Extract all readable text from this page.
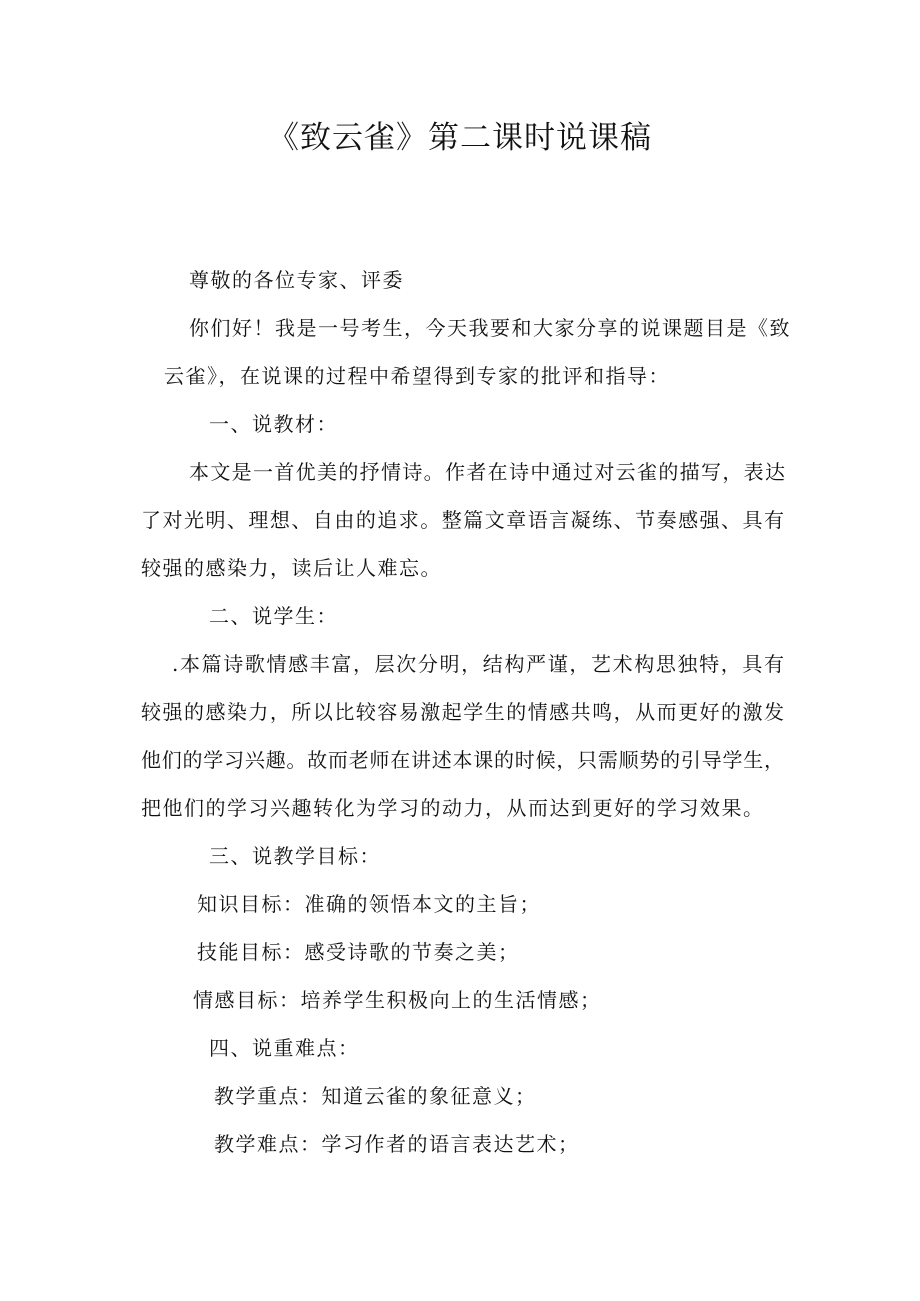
《致云雀》第二课时说课稿
尊敬的各位专家、评委
你们好！我是一号考生，今天我要和大家分享的说课题目是《致
云雀》，在说课的过程中希望得到专家的批评和指导：
一、说教材：
本文是一首优美的抒情诗。作者在诗中通过对云雀的描写，表达
了对光明、理想、自由的追求。整篇文章语言凝练、节奏感强、具有
较强的感染力，读后让人难忘。
二、说学生：
.本篇诗歌情感丰富，层次分明，结构严谨，艺术构思独特，具有
较强的感染力，所以比较容易激起学生的情感共鸣，从而更好的激发
他们的学习兴趣。故而老师在讲述本课的时候，只需顺势的引导学生，
把他们的学习兴趣转化为学习的动力，从而达到更好的学习效果。
三、说教学目标：
知识目标：准确的领悟本文的主旨；
技能目标：感受诗歌的节奏之美；
情感目标：培养学生积极向上的生活情感；
四、说重难点：
教学重点：知道云雀的象征意义；
教学难点：学习作者的语言表达艺术；
